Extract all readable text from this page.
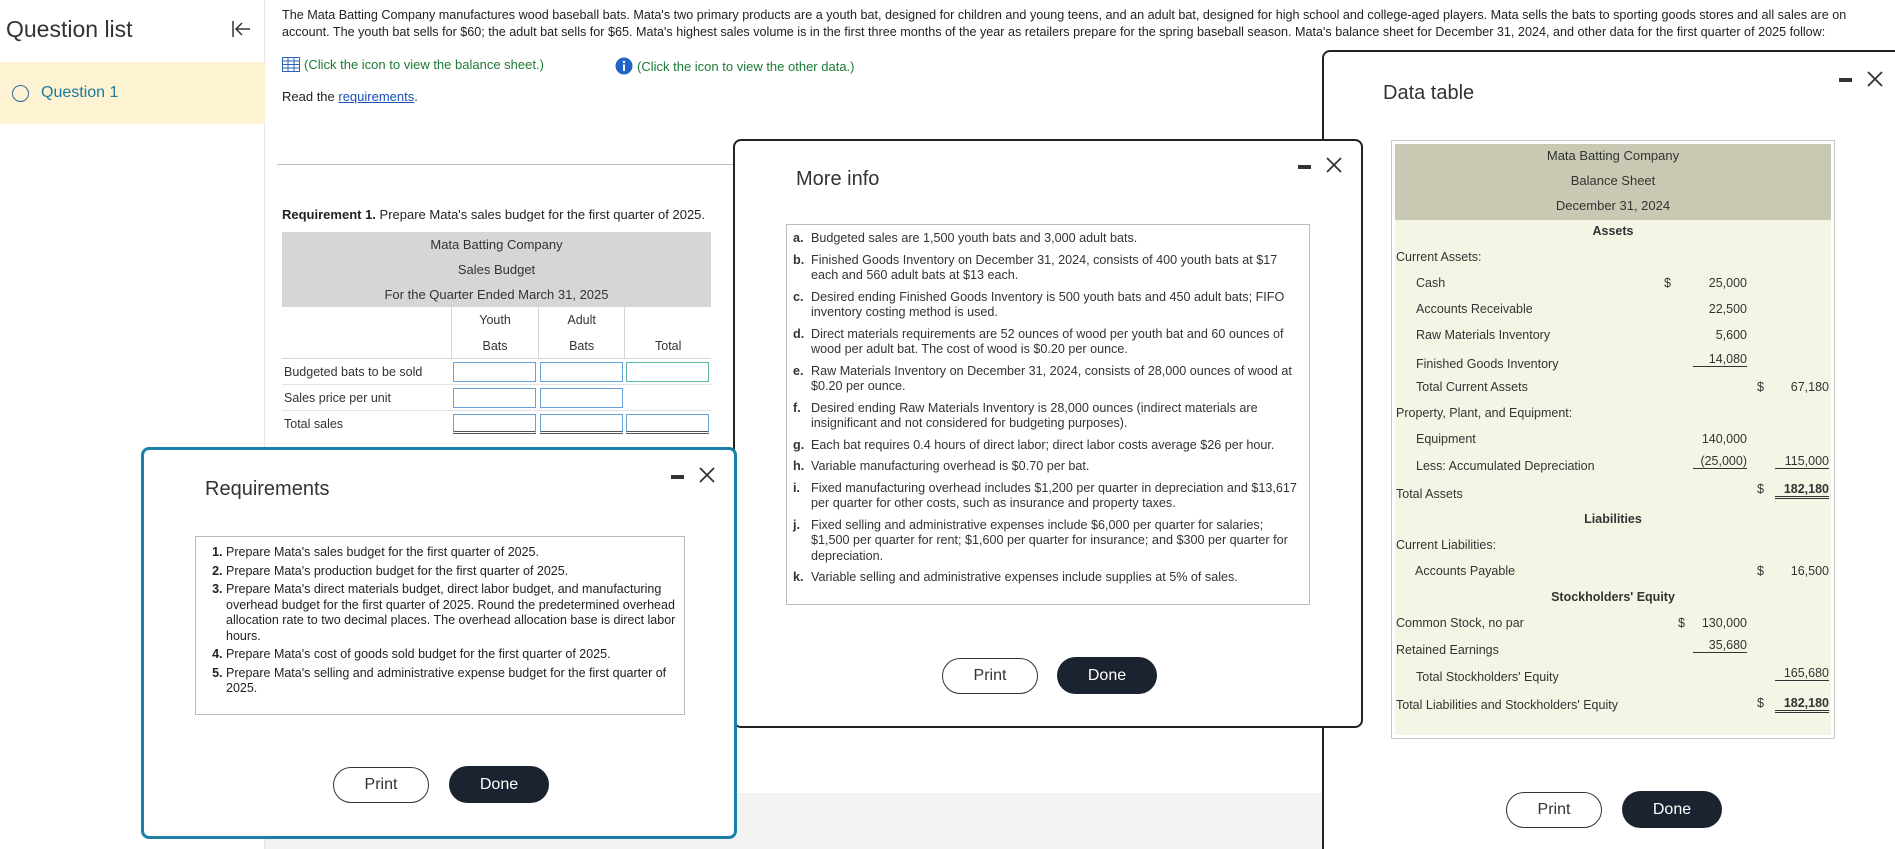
Question list
Question 1
The Mata Batting Company manufactures wood baseball bats. Mata's two primary products are a youth bat, designed for children and young teens, and an adult bat, designed for high school and college-aged players. Mata sells the bats to sporting goods stores and all sales are on account. The youth bat sells for $60; the adult bat sells for $65. Mata's highest sales volume is in the first three months of the year as retailers prepare for the spring baseball season. Mata's balance sheet for December 31, 2024, and other data for the first quarter of 2025 follow:
(Click the icon to view the balance sheet.)	(Click the icon to view the other data.)
Read the requirements.
Requirement 1. Prepare Mata's sales budget for the first quarter of 2025.
Mata Batting Company
Sales Budget
For the Quarter Ended March 31, 2025
Youth	Adult
Bats	Bats	Total
Budgeted bats to be sold
Sales price per unit
Total sales
Data table
Mata Batting Company
Balance Sheet
December 31, 2024
Assets
Current Assets:
Cash	$	25,000
Accounts Receivable	22,500
Raw Materials Inventory	5,600
Finished Goods Inventory	14,080
Total Current Assets	$ 67,180
Property, Plant, and Equipment:
Equipment	140,000
Less: Accumulated Depreciation	(25,000)	115,000
Total Assets	$	182,180
Liabilities
Current Liabilities:
Accounts Payable	$ 16,500
Stockholders' Equity
Common Stock, no par	$ 130,000
Retained Earnings	35,680
Total Stockholders' Equity	165,680
Total Liabilities and Stockholders' Equity	$	182,180
Print	Done
More info
a. Budgeted sales are 1,500 youth bats and 3,000 adult bats.
b. Finished Goods Inventory on December 31, 2024, consists of 400 youth bats at $17 each and 560 adult bats at $13 each.
c. Desired ending Finished Goods Inventory is 500 youth bats and 450 adult bats; FIFO inventory costing method is used.
d. Direct materials requirements are 52 ounces of wood per youth bat and 60 ounces of wood per adult bat. The cost of wood is $0.20 per ounce.
e. Raw Materials Inventory on December 31, 2024, consists of 28,000 ounces of wood at $0.20 per ounce.
f. Desired ending Raw Materials Inventory is 28,000 ounces (indirect materials are insignificant and not considered for budgeting purposes).
g. Each bat requires 0.4 hours of direct labor; direct labor costs average $26 per hour.
h. Variable manufacturing overhead is $0.70 per bat.
i. Fixed manufacturing overhead includes $1,200 per quarter in depreciation and $13,617 per quarter for other costs, such as insurance and property taxes.
j. Fixed selling and administrative expenses include $6,000 per quarter for salaries; $1,500 per quarter for rent; $1,600 per quarter for insurance; and $300 per quarter for depreciation.
k. Variable selling and administrative expenses include supplies at 5% of sales.
Print	Done
Requirements
1. Prepare Mata's sales budget for the first quarter of 2025.
2. Prepare Mata's production budget for the first quarter of 2025.
3. Prepare Mata's direct materials budget, direct labor budget, and manufacturing overhead budget for the first quarter of 2025. Round the predetermined overhead allocation rate to two decimal places. The overhead allocation base is direct labor hours.
4. Prepare Mata's cost of goods sold budget for the first quarter of 2025.
5. Prepare Mata's selling and administrative expense budget for the first quarter of 2025.
Print	Done
